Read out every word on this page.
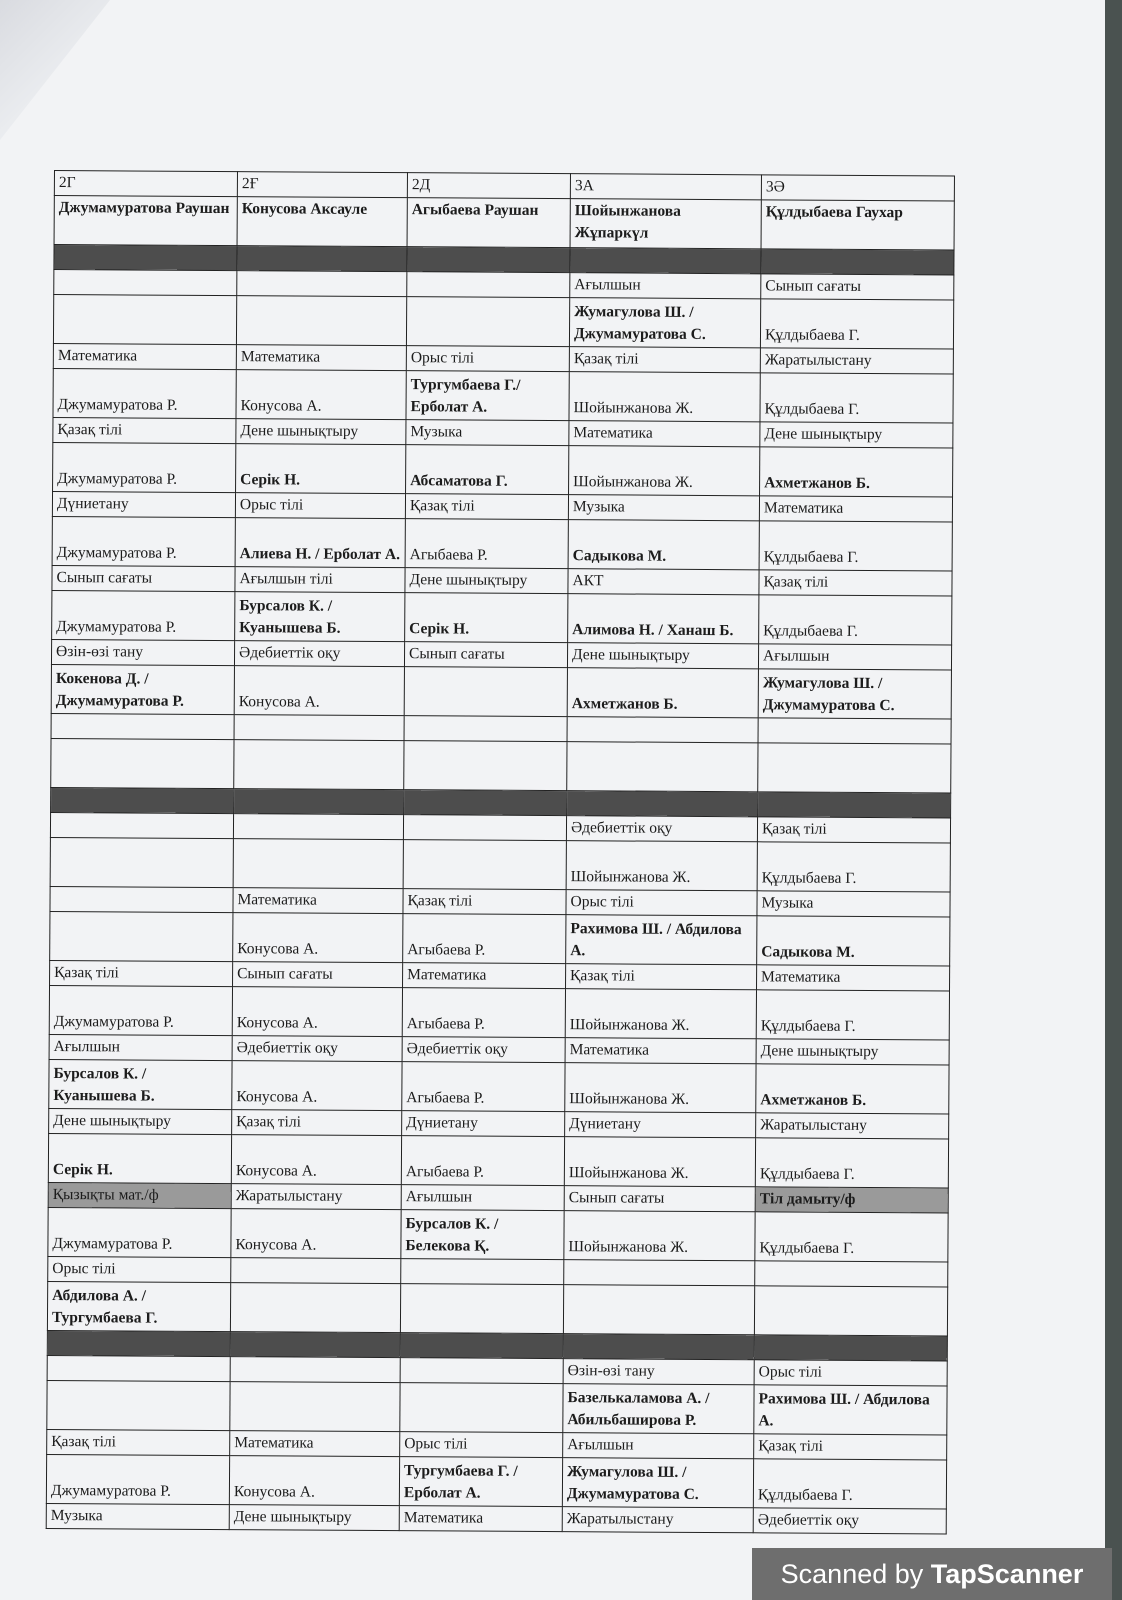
2Г	2Ғ	2Д	3А	3Ә
Джумамуратова Раушан	Конусова Аксауле	Агыбаева Раушан	Шойынжанова Жұпаркүл	Құлдыбаева Гаухар

			Ағылшын	Сынып сағаты
			Жумагулова Ш. / Джумамуратова С.	Құлдыбаева Г.
Математика	Математика	Орыс тілі	Қазақ тілі	Жаратылыстану
Джумамуратова Р.	Конусова А.	Тургумбаева Г./ Ерболат А.	Шойынжанова Ж.	Құлдыбаева Г.
Қазақ тілі	Дене шынықтыру	Музыка	Математика	Дене шынықтыру
Джумамуратова Р.	Серік Н.	Абсаматова Г.	Шойынжанова Ж.	Ахметжанов Б.
Дүниетану	Орыс тілі	Қазақ тілі	Музыка	Математика
Джумамуратова Р.	Алиева Н. / Ерболат А.	Агыбаева Р.	Садыкова М.	Құлдыбаева Г.
Сынып сағаты	Ағылшын тілі	Дене шынықтыру	АКТ	Қазақ тілі
Джумамуратова Р.	Бурсалов К. / Куанышева Б.	Серік Н.	Алимова Н. / Ханаш Б.	Құлдыбаева Г.
Өзін-өзі тану	Әдебиеттік оқу	Сынып сағаты	Дене шынықтыру	Ағылшын
Кокенова Д. / Джумамуратова Р.	Конусова А.		Ахметжанов Б.	Жумагулова Ш. / Джумамуратова С.

			Әдебиеттік оқу	Қазақ тілі
			Шойынжанова Ж.	Құлдыбаева Г.
	Математика	Қазақ тілі	Орыс тілі	Музыка
	Конусова А.	Агыбаева Р.	Рахимова Ш. / Абдилова А.	Садыкова М.
Қазақ тілі	Сынып сағаты	Математика	Қазақ тілі	Математика
Джумамуратова Р.	Конусова А.	Агыбаева Р.	Шойынжанова Ж.	Құлдыбаева Г.
Ағылшын	Әдебиеттік оқу	Әдебиеттік оқу	Математика	Дене шынықтыру
Бурсалов К. / Куанышева Б.	Конусова А.	Агыбаева Р.	Шойынжанова Ж.	Ахметжанов Б.
Дене шынықтыру	Қазақ тілі	Дүниетану	Дүниетану	Жаратылыстану
Серік Н.	Конусова А.	Агыбаева Р.	Шойынжанова Ж.	Құлдыбаева Г.
Қызықты мат./ф	Жаратылыстану	Ағылшын	Сынып сағаты	Тіл дамыту/ф
Джумамуратова Р.	Конусова А.	Бурсалов К. / Белекова Қ.	Шойынжанова Ж.	Құлдыбаева Г.
Орыс тілі				
Абдилова А. / Тургумбаева Г.				

			Өзін-өзі тану	Орыс тілі
			Базелькаламова А. / Абильбаширова Р.	Рахимова Ш. / Абдилова А.
Қазақ тілі	Математика	Орыс тілі	Ағылшын	Қазақ тілі
Джумамуратова Р.	Конусова А.	Тургумбаева Г. / Ерболат А.	Жумагулова Ш. / Джумамуратова С.	Құлдыбаева Г.
Музыка	Дене шынықтыру	Математика	Жаратылыстану	Әдебиеттік оқу
Scanned by TapScanner
